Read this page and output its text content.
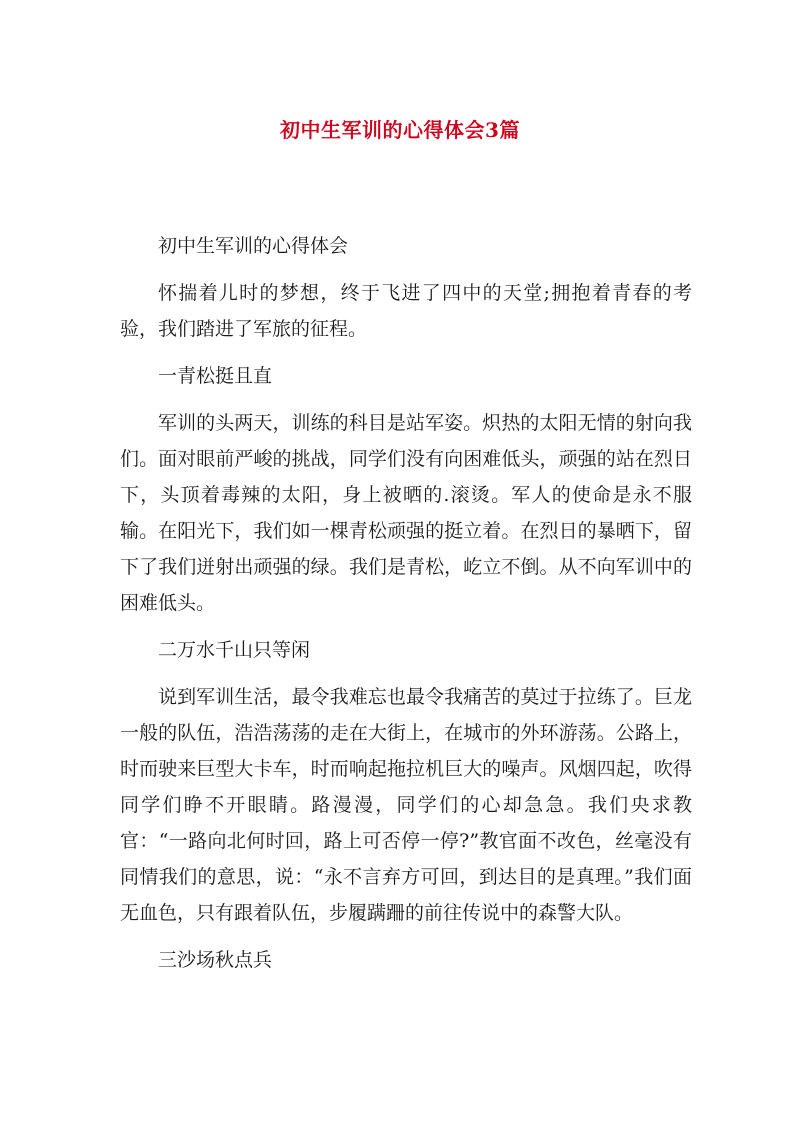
初中生军训的心得体会3篇

初中生军训的心得体会

怀揣着儿时的梦想，终于飞进了四中的天堂;拥抱着青春的考验，我们踏进了军旅的征程。

一青松挺且直

军训的头两天，训练的科目是站军姿。炽热的太阳无情的射向我们。面对眼前严峻的挑战，同学们没有向困难低头，顽强的站在烈日下，头顶着毒辣的太阳，身上被晒的.滚烫。军人的使命是永不服输。在阳光下，我们如一棵青松顽强的挺立着。在烈日的暴晒下，留下了我们迸射出顽强的绿。我们是青松，屹立不倒。从不向军训中的困难低头。

二万水千山只等闲

说到军训生活，最令我难忘也最令我痛苦的莫过于拉练了。巨龙一般的队伍，浩浩荡荡的走在大街上，在城市的外环游荡。公路上，时而驶来巨型大卡车，时而响起拖拉机巨大的噪声。风烟四起，吹得同学们睁不开眼睛。路漫漫，同学们的心却急急。我们央求教官：“一路向北何时回，路上可否停一停?”教官面不改色，丝毫没有同情我们的意思，说：“永不言弃方可回，到达目的是真理。”我们面无血色，只有跟着队伍，步履蹒跚的前往传说中的森警大队。

三沙场秋点兵
